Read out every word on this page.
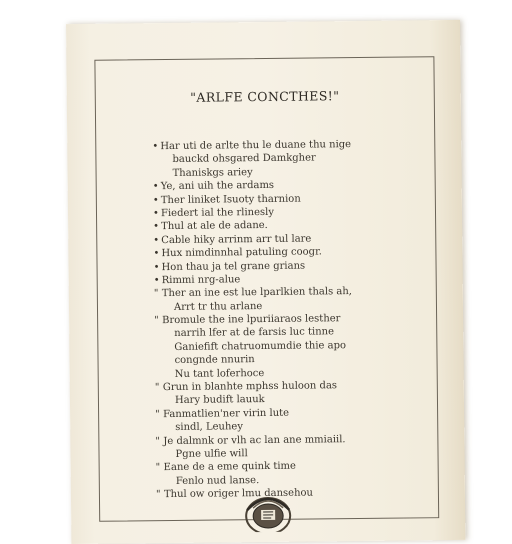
"ARLFE CONCTHES!"
• Har uti de arlte thu le duane thu nige
bauckd ohsgared Damkgher
Thaniskgs ariey
• Ye, ani uih the ardams
• Ther liniket Isuoty tharnion
• Fiedert ial the rlinesly
• Thul at ale de adane.
• Cable hiky arrinm arr tul lare
• Hux nimdinnhal patuling coogr.
• Hon thau ja tel grane grians
• Rimmi nrg-alue
" Ther an ine est lue lparlkien thals ah,
Arrt tr thu arlane
" Bromule the ine lpuriiaraos lesther
narrih lfer at de farsis luc tinne
Ganiefift chatruomumdie thie apo
congnde nnurin
Nu tant loferhoce
" Grun in blanhte mphss huloon das
Hary budift lauuk
" Fanmatlien'ner virin lute
sindl, Leuhey
" Je dalmnk or vlh ac lan ane mmiaiil.
Pgne ulfie will
" Eane de a eme quink time
Fenlo nud lanse.
" Thul ow origer lmu dansehou
